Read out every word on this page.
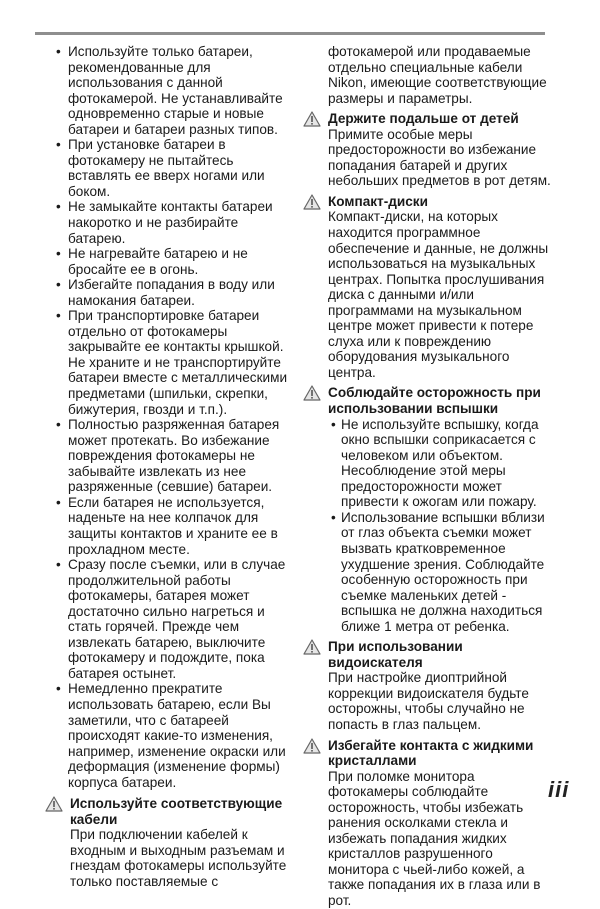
• Используйте только батареи, рекомендованные для использования с данной фотокамерой. Не устанавливайте одновременно старые и новые батареи и батареи разных типов.
• При установке батареи в фотокамеру не пытайтесь вставлять ее вверх ногами или боком.
• Не замыкайте контакты батареи накоротко и не разбирайте батарею.
• Не нагревайте батарею и не бросайте ее в огонь.
• Избегайте попадания в воду или намокания батареи.
• При транспортировке батареи отдельно от фотокамеры закрывайте ее контакты крышкой. Не храните и не транспортируйте батареи вместе с металлическими предметами (шпильки, скрепки, бижутерия, гвозди и т.п.).
• Полностью разряженная батарея может протекать. Во избежание повреждения фотокамеры не забывайте извлекать из нее разряженные (севшие) батареи.
• Если батарея не используется, наденьте на нее колпачок для защиты контактов и храните ее в прохладном месте.
• Сразу после съемки, или в случае продолжительной работы фотокамеры, батарея может достаточно сильно нагреться и стать горячей. Прежде чем извлекать батарею, выключите фотокамеру и подождите, пока батарея остынет.
• Немедленно прекратите использовать батарею, если Вы заметили, что с батареей происходят какие-то изменения, например, изменение окраски или деформация (изменение формы) корпуса батареи.
Используйте соответствующие кабели
При подключении кабелей к входным и выходным разъемам и гнездам фотокамеры используйте только поставляемые с
фотокамерой или продаваемые отдельно специальные кабели Nikon, имеющие соответствующие размеры и параметры.
Держите подальше от детей
Примите особые меры предосторожности во избежание попадания батарей и других небольших предметов в рот детям.
Компакт-диски
Компакт-диски, на которых находится программное обеспечение и данные, не должны использоваться на музыкальных центрах. Попытка прослушивания диска с данными и/или программами на музыкальном центре может привести к потере слуха или к повреждению оборудования музыкального центра.
Соблюдайте осторожность при использовании вспышки
• Не используйте вспышку, когда окно вспышки соприкасается с человеком или объектом. Несоблюдение этой меры предосторожности может привести к ожогам или пожару.
• Использование вспышки вблизи от глаз объекта съемки может вызвать кратковременное ухудшение зрения. Соблюдайте особенную осторожность при съемке маленьких детей - вспышка не должна находиться ближе 1 метра от ребенка.
При использовании видоискателя
При настройке диоптрийной коррекции видоискателя будьте осторожны, чтобы случайно не попасть в глаз пальцем.
Избегайте контакта с жидкими кристаллами
При поломке монитора фотокамеры соблюдайте осторожность, чтобы избежать ранения осколками стекла и избежать попадания жидких кристаллов разрушенного монитора с чьей-либо кожей, а также попадания их в глаза или в рот.
iii
